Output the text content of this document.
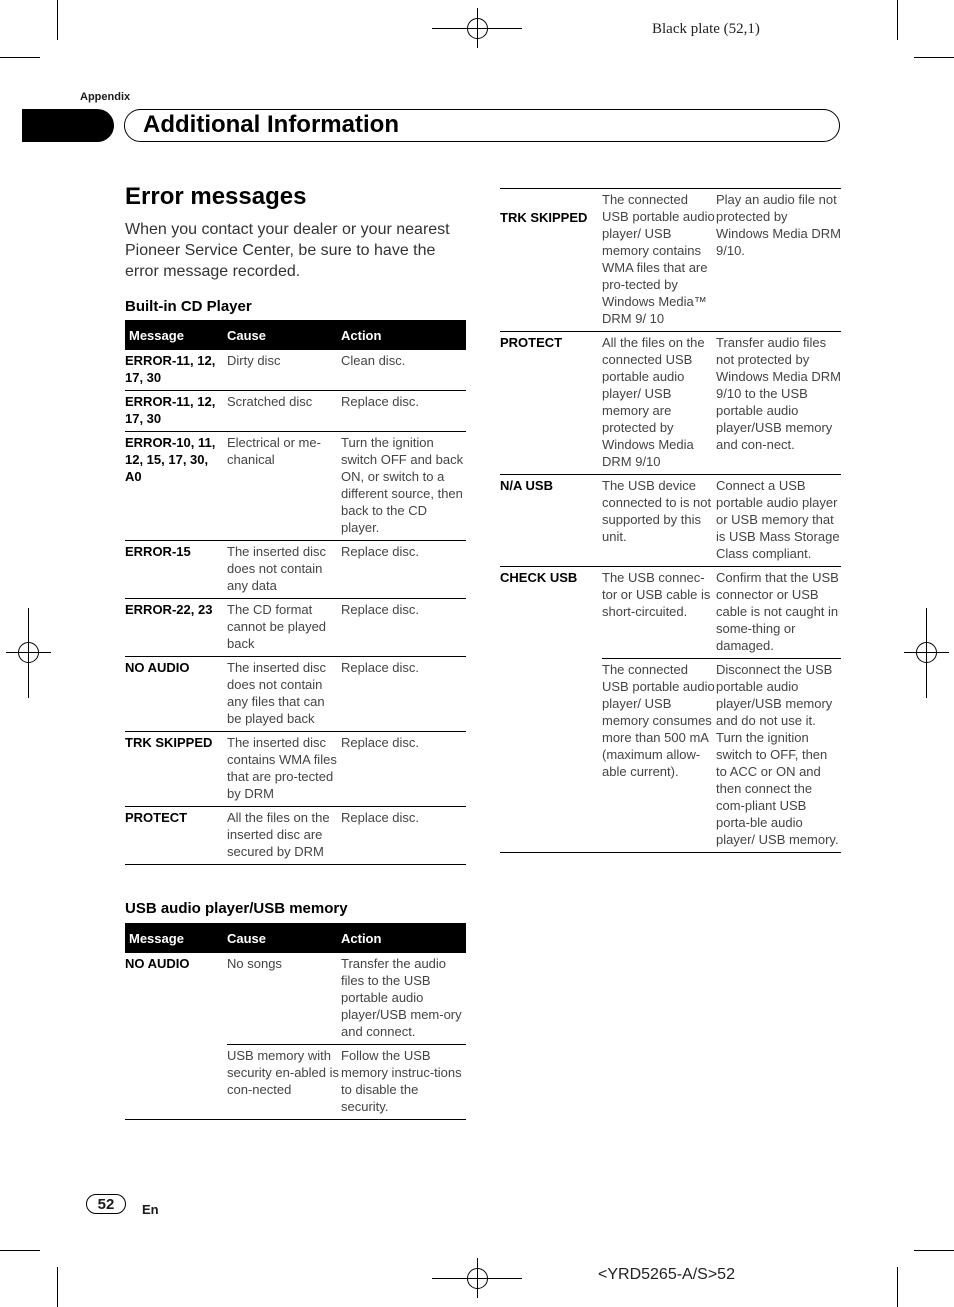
Black plate (52,1)
Appendix
Additional Information
Error messages
When you contact your dealer or your nearest Pioneer Service Center, be sure to have the error message recorded.
Built-in CD Player
Message	Cause	Action
ERROR-11, 12, 17, 30	Dirty disc	Clean disc.
ERROR-11, 12, 17, 30	Scratched disc	Replace disc.
ERROR-10, 11, 12, 15, 17, 30, A0	Electrical or me-chanical	Turn the ignition switch OFF and back ON, or switch to a different source, then back to the CD player.
ERROR-15	The inserted disc does not contain any data	Replace disc.
ERROR-22, 23	The CD format cannot be played back	Replace disc.
NO AUDIO	The inserted disc does not contain any files that can be played back	Replace disc.
TRK SKIPPED	The inserted disc contains WMA files that are pro-tected by DRM	Replace disc.
PROTECT	All the files on the inserted disc are secured by DRM	Replace disc.
USB audio player/USB memory
Message	Cause	Action
NO AUDIO	No songs	Transfer the audio files to the USB portable audio player/USB mem-ory and connect.
	USB memory with security en-abled is con-nected	Follow the USB memory instruc-tions to disable the security.
TRK SKIPPED	The connected USB portable audio player/ USB memory contains WMA files that are pro-tected by Windows Media™ DRM 9/ 10	Play an audio file not protected by Windows Media DRM 9/10.
PROTECT	All the files on the connected USB portable audio player/ USB memory are protected by Windows Media DRM 9/10	Transfer audio files not protected by Windows Media DRM 9/10 to the USB portable audio player/USB memory and con-nect.
N/A USB	The USB device connected to is not supported by this unit.	Connect a USB portable audio player or USB memory that is USB Mass Storage Class compliant.
CHECK USB	The USB connec-tor or USB cable is short-circuited.	Confirm that the USB connector or USB cable is not caught in some-thing or damaged.
	The connected USB portable audio player/ USB memory consumes more than 500 mA (maximum allow-able current).	Disconnect the USB portable audio player/USB memory and do not use it. Turn the ignition switch to OFF, then to ACC or ON and then connect the com-pliant USB porta-ble audio player/ USB memory.
52	En
<YRD5265-A/S>52
